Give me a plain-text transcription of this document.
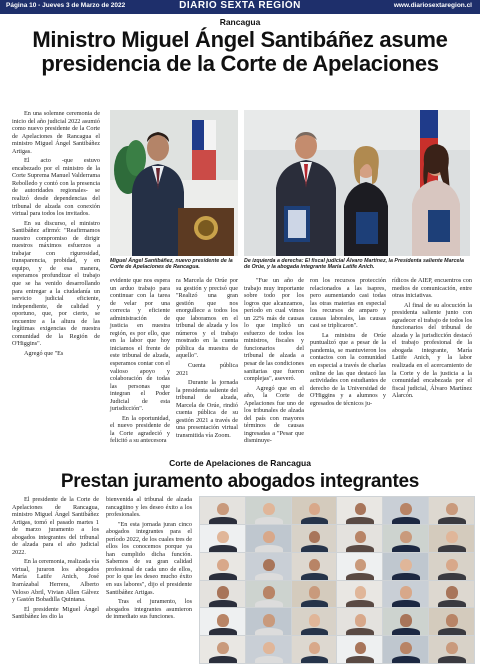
Página 10 - Jueves 3 de Marzo de 2022	DIARIO SEXTA REGIÓN	www.diariosextaregion.cl
Rancagua
Ministro Miguel Ángel Santibáñez asume
presidencia de la Corte de Apelaciones

En una solemne ceremonia de inicio del año judicial 2022 asumió como nuevo presidente de la Corte de Apelaciones de Rancagua el ministro Miguel Ángel Santibáñez Artigas.

El acto -que estuvo encabezado por el ministro de la Corte Suprema Manuel Valderrama Rebolledo y contó con la presencia de autoridades regionales- se realizó desde dependencias del tribunal de alzada con conexión virtual para todos los invitados.

En su discurso, el ministro Santibáñez afirmó: "Reafirmamos nuestro compromiso de dirigir nuestros máximos esfuerzos a trabajar con rigurosidad, transparencia, probidad, y en equipo, y de esa manera, esperamos profundizar el trabajo que se ha venido desarrollando para entregar a la ciudadanía un servicio judicial eficiente, independiente, de calidad y oportuno, que, por cierto, se encuentre a la altura de las legítimas exigencias de nuestra comunidad de la Región de O'Higgins".

Agregó que "Es

Miguel Ángel Santibáñez, nuevo presidente de la Corte de Apelaciones de Rancagua.
De izquierda a derecha: El fiscal judicial Álvaro Martínez, la Presidenta saliente Marcela de Orúe, y la abogada integrante María Latife Anich.

evidente que nos espera un arduo trabajo para continuar con la tarea de velar por una correcta y eficiente administración de justicia en nuestra región, es por ello, que en la labor que hoy iniciamos el frente de este tribunal de alzada, esperamos contar con el valioso apoyo y colaboración de todas las personas que integran el Poder Judicial de esta jurisdicción".

En la oportunidad, el nuevo presidente de la Corte agradeció y felicitó a su antecesora

ra Marcela de Orúe por su gestión y precisó que "Realizó una gran gestión que nos enorgullece a todos los que laboramos en el tribunal de alzada y los números y el trabajo mostrado en la cuenta pública da muestra de aquello".

Cuenta pública 2021

Durante la jornada la presidenta saliente del tribunal de alzada, Marcela de Orúe, rindió cuenta pública de su gestión 2021 a través de una presentación virtual transmitida vía Zoom.

"Fue un año de trabajo muy importante sobre todo por los logros que alcanzamos, período en cual vimos un 22% más de causas lo que implicó un esfuerzo de todos los ministros, fiscales y funcionarios del tribunal de alzada a pesar de las condiciones sanitarias que fueron complejas", aseveró.

Agregó que en el año, la Corte de Apelaciones fue uno de los tribunales de alzada del país con mayores términos de causas ingresadas a "Pesar que disminuye-

ron los recursos protección relacionados a las isapres, pero aumentando casi todas las otras materias en especial los recursos de amparo y causas laborales, las causas casi se triplicaron".

La ministra de Orúe puntualizó que a pesar de la pandemia, se mantuvieron los contactos con la comunidad en especial a través de charlas online de las que destacó las actividades con estudiantes de derecho de la Universidad de O'Higgins y a alumnos y egresados de técnicos ju-

rídicos de AIEP, encuentros con medios de comunicación, entre otras iniciativas.

Al final de su alocución la presidenta saliente junto con agradecer el trabajo de todos los funcionarios del tribunal de alzada y la jurisdicción destacó el trabajo profesional de la abogada integrante, María Latife Anich, y la labor realizada en el acercamiento de la Corte y de la justicia a la comunidad encabezada por el fiscal judicial, Álvaro Martínez Alarcón.

Corte de Apelaciones de Rancagua
Prestan juramento abogados integrantes

El presidente de la Corte de Apelaciones de Rancagua, ministro Miguel Ángel Santibáñez Artigas, tomó el pasado martes 1 de marzo juramento a los abogados integrantes del tribunal de alzada para el año judicial 2022.

En la ceremonia, realizada vía virtual, juraron los abogados María Latife Anich, José Irarrázabal Herrera, Alberto Veloso Abril, Vivian Allen Gálvez y Gastón Bobadilla Quintana.

El presidente Miguel Ángel Santibáñez les dio la

bienvenida al tribunal de alzada rancagüino y les deseo éxito a los profesionales.

"En esta jornada juran cinco abogados integrantes para el período 2022, de los cuales tres de ellos los conocemos porque ya han cumplido dicha función. Sabemos de su gran calidad profesional de cada uno de ellos, por lo que les deseo mucho éxito en sus labores", dijo el presidente Santibáñez Artigas.

Tras el juramento, los abogados integrantes asumieron de inmediato sus funciones.
